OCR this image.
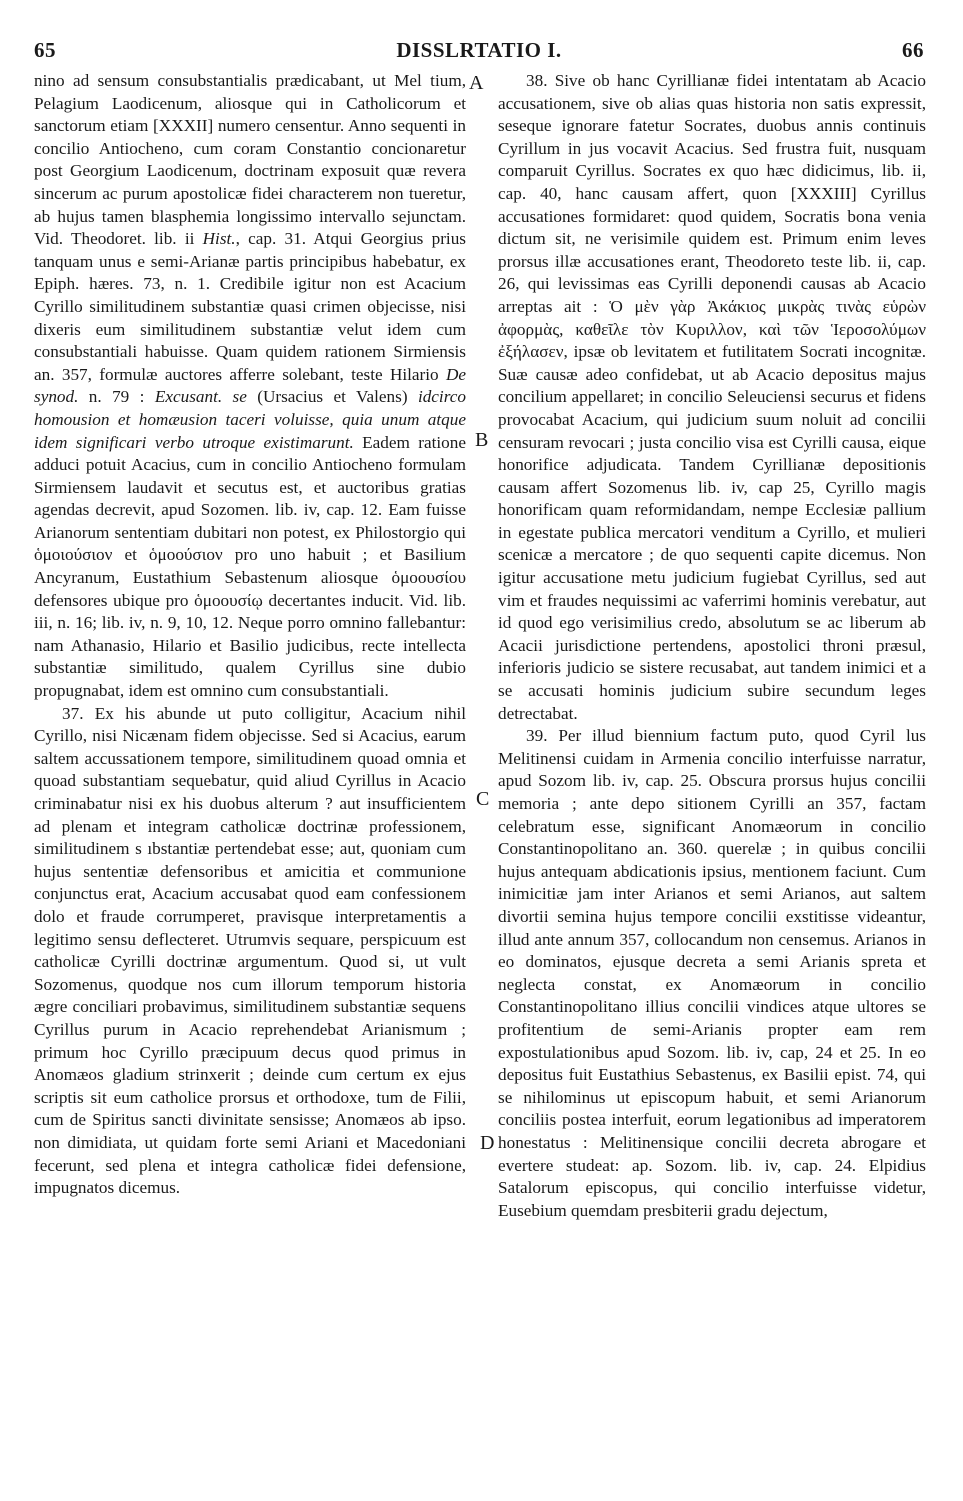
65	DISSLRTATIO I.	66

nino ad sensum consubstantialis prædicabant, ut Mel tium, Pelagium Laodicenum, aliosque qui in Catholicorum et sanctorum etiam [XXXII] numero censentur. Anno sequenti in concilio Antiocheno, cum coram Constantio concionaretur post Georgium Laodicenum, doctrinam exposuit quæ revera sincerum ac purum apostolicæ fidei characterem non tueretur, ab hujus tamen blasphemia longissimo intervallo sejunctam. Vid. Theodoret. lib. ii Hist., cap. 31. Atqui Georgius prius tanquam unus e semi-Arianæ partis principibus habebatur, ex Epiph. hæres. 73, n. 1. Credibile igitur non est Acacium Cyrillo similitudinem substantiæ quasi crimen objecisse, nisi dixeris eum similitudinem substantiæ velut idem cum consubstantiali habuisse. Quam quidem rationem Sirmiensis an. 357, formulæ auctores afferre solebant, teste Hilario De synod. n. 79 : Excusant. se (Ursacius et Valens) idcirco homousion et homæusion taceri voluisse, quia unum atque idem significari verbo utroque existimarunt. Eadem ratione adduci potuit Acacius, cum in concilio Antiocheno formulam Sirmiensem laudavit et secutus est, et auctoribus gratias agendas decrevit, apud Sozomen. lib. iv, cap. 12. Eam fuisse Arianorum sententiam dubitari non potest, ex Philostorgio qui ὁμοιούσιον et ὁμοούσιον pro uno habuit ; et Basilium Ancyranum, Eustathium Sebastenum aliosque ὁμοουσίου defensores ubique pro ὁμοουσίῳ decertantes inducit. Vid. lib. iii, n. 16; lib. iv, n. 9, 10, 12. Neque porro omnino fallebantur: nam Athanasio, Hilario et Basilio judicibus, recte intellecta substantiæ similitudo, qualem Cyrillus sine dubio propugnabat, idem est omnino cum consubstantiali.

37. Ex his abunde ut puto colligitur, Acacium nihil Cyrillo, nisi Nicænam fidem objecisse. Sed si Acacius, earum saltem accussationem tempore, similitudinem quoad omnia et quoad substantiam sequebatur, quid aliud Cyrillus in Acacio criminabatur nisi ex his duobus alterum ? aut insufficientem ad plenam et integram catholicæ doctrinæ professionem, similitudinem s ıbstantiæ pertendebat esse; aut, quoniam cum hujus sententiæ defensoribus et amicitia et communione conjunctus erat, Acacium accusabat quod eam confessionem dolo et fraude corrumperet, pravisque interpretamentis a legitimo sensu deflecteret. Utrumvis sequare, perspicuum est catholicæ Cyrilli doctrinæ argumentum. Quod si, ut vult Sozomenus, quodque nos cum illorum temporum historia ægre conciliari probavimus, similitudinem substantiæ sequens Cyrillus purum in Acacio reprehendebat Arianismum ; primum hoc Cyrillo præcipuum decus quod primus in Anomæos gladium strinxerit ; deinde cum certum ex ejus scriptis sit eum catholice prorsus et orthodoxe, tum de Filii, cum de Spiritus sancti divinitate sensisse; Anomæos ab ipso. non dimidiata, ut quidam forte semi Ariani et Macedoniani fecerunt, sed plena et integra catholicæ fidei defensione, impugnatos dicemus.

A
B
C
D

38. Sive ob hanc Cyrillianæ fidei intentatam ab Acacio accusationem, sive ob alias quas historia non satis expressit, seseque ignorare fatetur Socrates, duobus annis continuis Cyrillum in jus vocavit Acacius. Sed frustra fuit, nusquam comparuit Cyrillus. Socrates ex quo hæc didicimus, lib. ii, cap. 40, hanc causam affert, quon [XXXIII] Cyrillus accusationes formidaret: quod quidem, Socratis bona venia dictum sit, ne verisimile quidem est. Primum enim leves prorsus illæ accusationes erant, Theodoreto teste lib. ii, cap. 26, qui levissimas eas Cyrilli deponendi causas ab Acacio arreptas ait : Ὁ μὲν γὰρ Ἀκάκιος μικρὰς τινὰς εὑρὼν ἀφορμὰς, καθεῖλε τὸν Κυριλλον, καὶ τῶν Ἱεροσολύμων ἐξήλασεν, ipsæ ob levitatem et futilitatem Socrati incognitæ. Suæ causæ adeo confidebat, ut ab Acacio depositus majus concilium appellaret; in concilio Seleuciensi securus et fidens provocabat Acacium, qui judicium suum noluit ad concilii censuram revocari ; justa concilio visa est Cyrilli causa, eique honorifice adjudicata. Tandem Cyrillianæ depositionis causam affert Sozomenus lib. iv, cap 25, Cyrillo magis honorificam quam reformidandam, nempe Ecclesiæ pallium in egestate publica mercatori venditum a Cyrillo, et mulieri scenicæ a mercatore ; de quo sequenti capite dicemus. Non igitur accusatione metu judicium fugiebat Cyrillus, sed aut vim et fraudes nequissimi ac vaferrimi hominis verebatur, aut id quod ego verisimilius credo, absolutum se ac liberum ab Acacii jurisdictione pertendens, apostolici throni præsul, inferioris judicio se sistere recusabat, aut tandem inimici et a se accusati hominis judicium subire secundum leges detrectabat.

39. Per illud biennium factum puto, quod Cyril lus Melitinensi cuidam in Armenia concilio interfuisse narratur, apud Sozom lib. iv, cap. 25. Obscura prorsus hujus concilii memoria ; ante depo sitionem Cyrilli an 357, factam celebratum esse, significant Anomæorum in concilio Constantinopolitano an. 360. querelæ ; in quibus concilii hujus antequam abdicationis ipsius, mentionem faciunt. Cum inimicitiæ jam inter Arianos et semi Arianos, aut saltem divortii semina hujus tempore concilii exstitisse videantur, illud ante annum 357, collocandum non censemus. Arianos in eo dominatos, ejusque decreta a semi Arianis spreta et neglecta constat, ex Anomæorum in concilio Constantinopolitano illius concilii vindices atque ultores se profitentium de semi-Arianis propter eam rem expostulationibus apud Sozom. lib. iv, cap, 24 et 25. In eo depositus fuit Eustathius Sebastenus, ex Basilii epist. 74, qui se nihilominus ut episcopum habuit, et semi Arianorum conciliis postea interfuit, eorum legationibus ad imperatorem honestatus : Melitinensique concilii decreta abrogare et evertere studeat: ap. Sozom. lib. iv, cap. 24. Elpidius Satalorum episcopus, qui concilio interfuisse videtur, Eusebium quemdam presbiterii gradu dejectum,
